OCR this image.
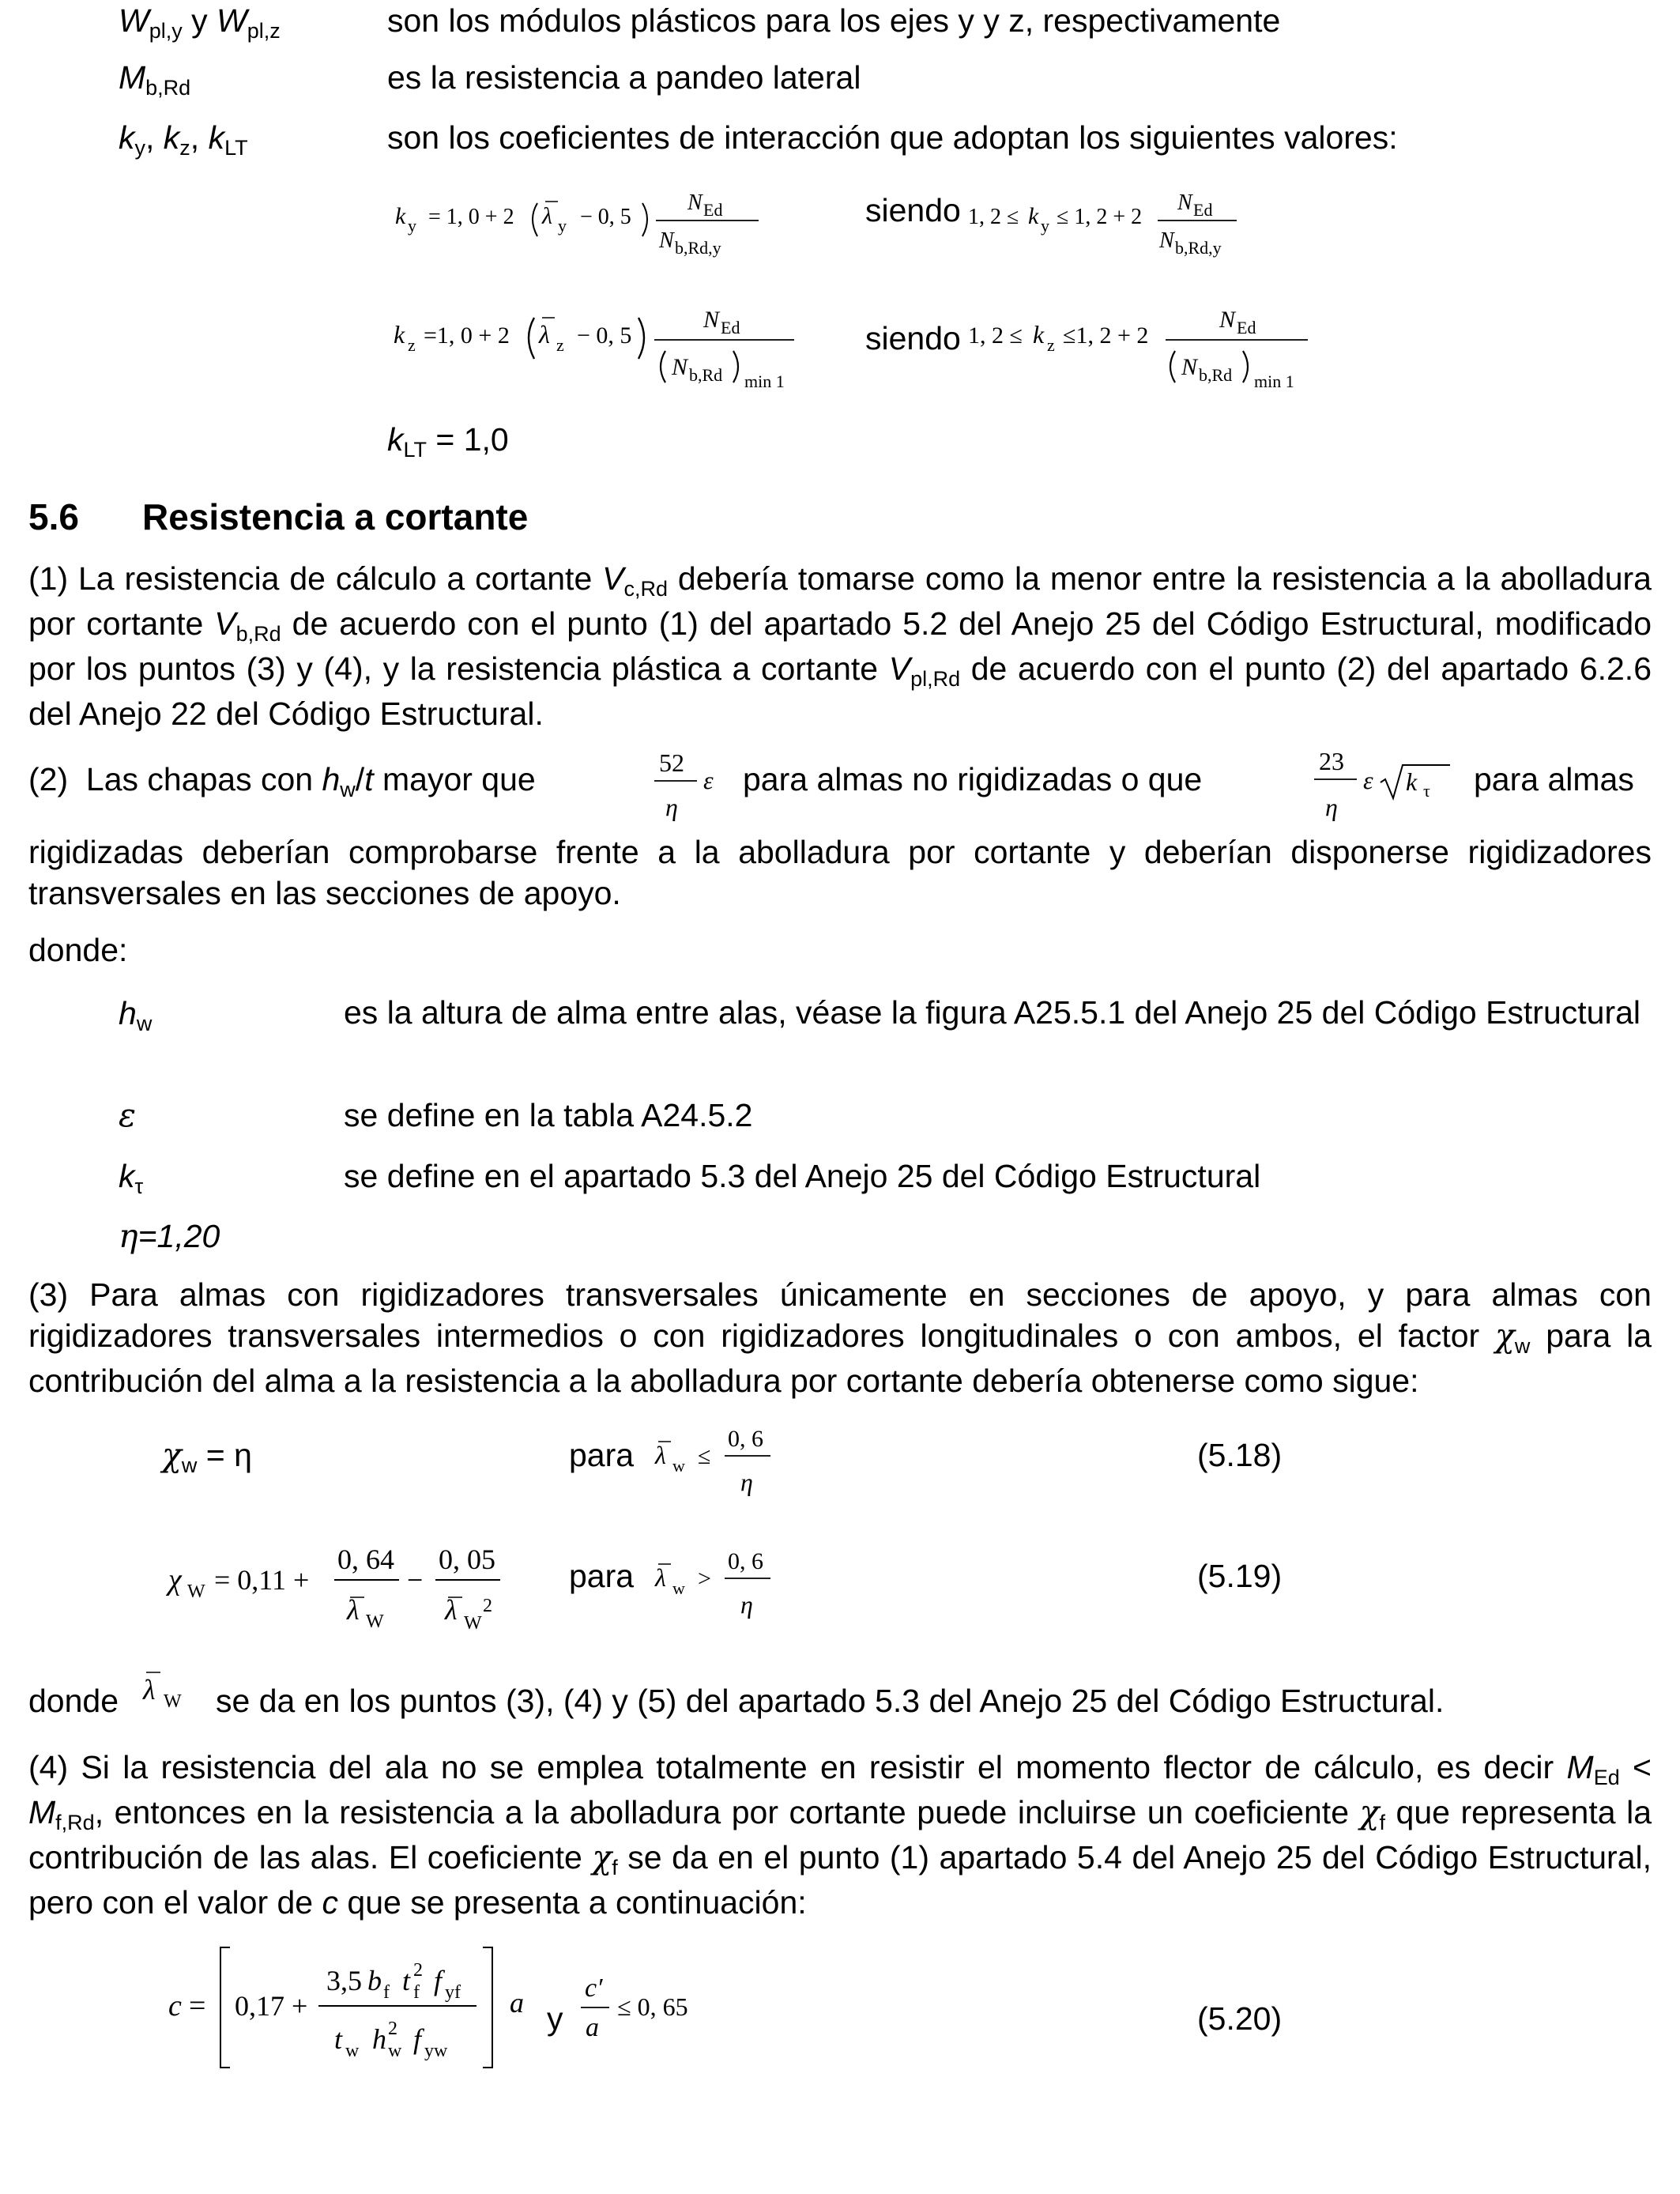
Wpl,y y Wpl,z	son los módulos plásticos para los ejes y y z, respectivamente
Mb,Rd	es la resistencia a pandeo lateral
ky, kz, kLT	son los coeficientes de interacción que adoptan los siguientes valores:
k y = 1, 0 + 2 λ y − 0, 5
N Ed
N b,Rd,y
siendo 1, 2 ≤ k y ≤ 1, 2 + 2
N Ed
N b,Rd,y
k z =1, 0 + 2 λ z − 0, 5
N Ed
N b,Rd min 1
siendo 1, 2 ≤ k z ≤1, 2 + 2
N Ed
N b,Rd min 1
kLT = 1,0
5.6 Resistencia a cortante
(1) La resistencia de cálculo a cortante Vc,Rd debería tomarse como la menor entre la resistencia a la abolladura por cortante Vb,Rd de acuerdo con el punto (1) del apartado 5.2 del Anejo 25 del Código Estructural, modificado por los puntos (3) y (4), y la resistencia plástica a cortante Vpl,Rd de acuerdo con el punto (2) del apartado 6.2.6 del Anejo 22 del Código Estructural.
(2)  Las chapas con hw/t mayor que	52
η
ε para almas no rigidizadas o que	23
η
ε k τ para almas
rigidizadas deberían comprobarse frente a la abolladura por cortante y deberían disponerse rigidizadores transversales en las secciones de apoyo.
donde:
hw	es la altura de alma entre alas, véase la figura A25.5.1 del Anejo 25 del Código Estructural
ε	se define en la tabla A24.5.2
kτ	se define en el apartado 5.3 del Anejo 25 del Código Estructural
η=1,20
(3) Para almas con rigidizadores transversales únicamente en secciones de apoyo, y para almas con rigidizadores transversales intermedios o con rigidizadores longitudinales o con ambos, el factor χw para la contribución del alma a la resistencia a la abolladura por cortante debería obtenerse como sigue:
χw = η	para λ w ≤
0, 6
η
(5.18)
χ W = 0,11 +
0, 64
λ W
−
0, 05
λ W
2
para λ w >
0, 6
η
(5.19)
donde λ W se da en los puntos (3), (4) y (5) del apartado 5.3 del Anejo 25 del Código Estructural.
(4) Si la resistencia del ala no se emplea totalmente en resistir el momento flector de cálculo, es decir MEd < Mf,Rd, entonces en la resistencia a la abolladura por cortante puede incluirse un coeficiente χf que representa la contribución de las alas. El coeficiente χf se da en el punto (1) apartado 5.4 del Anejo 25 del Código Estructural, pero con el valor de c que se presenta a continuación:
c = 0,17 +
3,5 b f t f
2 f yf
t w h w
2 f yw
a c′
a
≤ 0, 65
y	(5.20)
